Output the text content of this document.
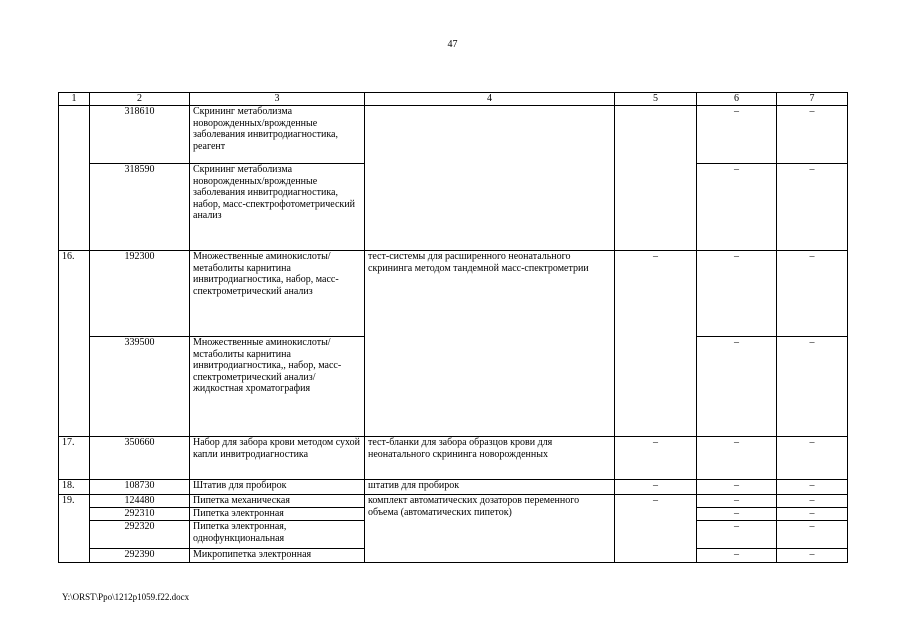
47
1	2	3	4	5	6	7
	318610	Скрининг метаболизма новорожденных/врожденные заболевания инвитродиагностика, реагент			–	–
	318590	Скрининг метаболизма новорожденных/врожденные заболевания инвитродиагностика, набор, масс-спектрофотометрический анализ			–	–
16.	192300	Множественные аминокислоты/метаболиты карнитина инвитродиагностика, набор, масс-спектрометрический анализ	тест-системы для расширенного неонатального скрининга методом тандемной масс-спектрометрии	–	–	–
	339500	Множественные аминокислоты/мстаболиты карнитина инвитродиагностика,, набор, масс-спектрометрический анализ/жидкостная хроматография			–	–
17.	350660	Набор для забора крови методом сухой капли инвитродиагностика	тест-бланки для забора образцов крови для неонатального скрининга новорожденных	–	–	–
18.	108730	Штатив для пробирок	штатив для пробирок	–	–	–
19.	124480	Пипетка механическая	комплект автоматических дозаторов переменного объема (автоматических пипеток)	–	–	–
	292310	Пипетка электронная			–	–
	292320	Пипетка электронная, однофункциональная			–	–
	292390	Микропипетка электронная			–	–
Y:\ORST\Ppo\1212p1059.f22.docx
